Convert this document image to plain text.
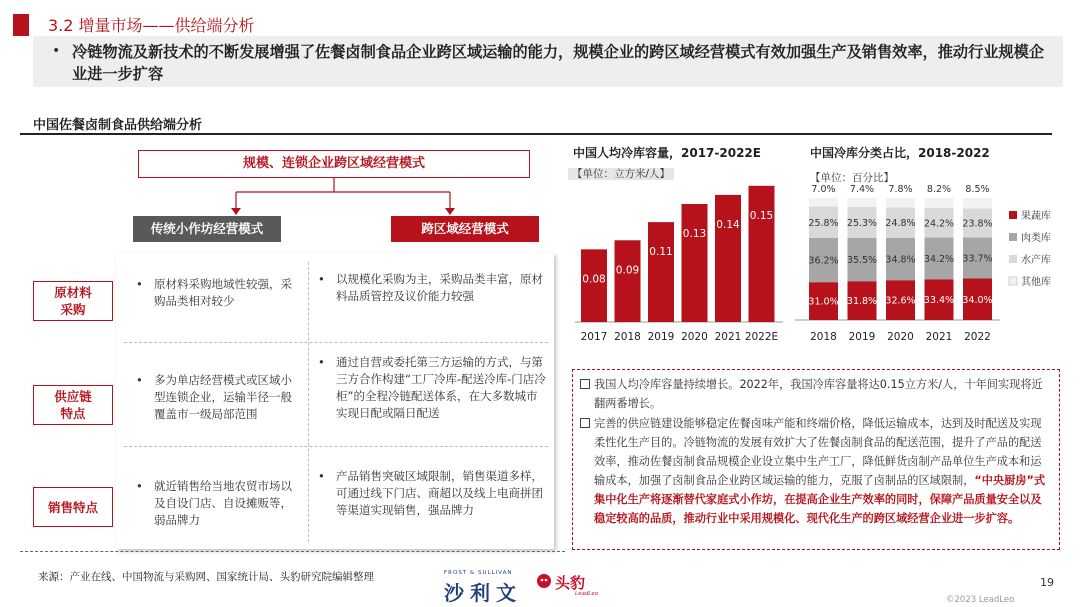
3.2 增量市场——供给端分析
• 冷链物流及新技术的不断发展增强了佐餐卤制食品企业跨区域运输的能力，规模企业的跨区域经营模式有效加强生产及销售效率，推动行业规模企业进一步扩容
中国佐餐卤制食品供给端分析
规模、连锁企业跨区域经营模式
传统小作坊经营模式	跨区域经营模式
原材料采购
供应链特点
销售特点
• 原材料采购地域性较强，采购品类相对较少
• 以规模化采购为主，采购品类丰富，原材料品质管控及议价能力较强
• 多为单店经营模式或区域小型连锁企业，运输半径一般覆盖市一级局部范围
• 通过自营或委托第三方运输的方式，与第三方合作构建“工厂冷库-配送冷库-门店冷柜”的全程冷链配送体系，在大多数城市实现日配或隔日配送
• 就近销售给当地农贸市场以及自设门店、自设摊贩等，弱品牌力
• 产品销售突破区域限制，销售渠道多样，可通过线下门店、商超以及线上电商拼团等渠道实现销售，强品牌力
中国人均冷库容量，2017-2022E
【单位：立方米/人】
0.08
2017
0.09
2018
0.11
2019
0.13
2020
0.14
2021
0.15
2022E
中国冷库分类占比，2018-2022
【单位：百分比】
31.0%
36.2%
25.8%
7.0%
2018
31.8%
35.5%
25.3%
7.4%
2019
32.6%
34.8%
24.8%
7.8%
2020
33.4%
34.2%
24.2%
8.2%
2021
34.0%
33.7%
23.8%
8.5%
2022
果蔬库
肉类库
水产库
其他库
我国人均冷库容量持续增长。2022年，我国冷库容量将达0.15立方米/人，十年间实现将近翻两番增长。
完善的供应链建设能够稳定佐餐卤味产能和终端价格，降低运输成本，达到及时配送及实现柔性化生产目的。冷链物流的发展有效扩大了佐餐卤制食品的配送范围，提升了产品的配送效率，推动佐餐卤制食品规模企业设立集中生产工厂，降低鲜货卤制产品单位生产成本和运输成本，加强了卤制食品企业跨区域运输的能力，克服了卤制品的区域限制，“中央厨房”式集中化生产将逐渐替代家庭式小作坊，在提高企业生产效率的同时，保障产品质量安全以及稳定较高的品质，推动行业中采用规模化、现代化生产的跨区域经营企业进一步扩容。
来源：产业在线、中国物流与采购网、国家统计局、头豹研究院编辑整理	FROST & SULLIVAN
沙利文 头豹
LeadLeo
19
©2023 LeadLeo
